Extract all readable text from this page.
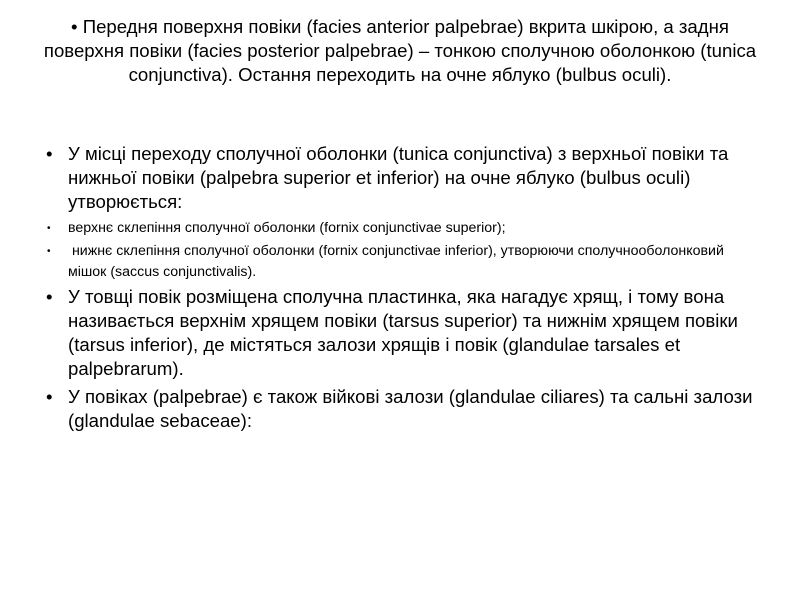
• Передня поверхня повіки (facies anterior palpebrae) вкрита шкірою, а задня поверхня повіки (facies posterior palpebrae) – тонкою сполучною оболонкою (tunica conjunctiva). Остання переходить на очне яблуко (bulbus oculi).

• У місці переходу сполучної оболонки (tunica conjunctiva) з верхньої повіки та нижньої повіки (palpebra superior et inferior) на очне яблуко (bulbus oculi) утворюється:
• верхнє склепіння сполучної оболонки (fornix conjunctivae superior);
• нижнє склепіння сполучної оболонки (fornix conjunctivae inferior), утворюючи сполучнооболонковий мішок (saccus conjunctivalis).
• У товщі повік розміщена сполучна пластинка, яка нагадує хрящ, і тому вона називається верхнім хрящем повіки (tarsus superior) та нижнім хрящем повіки (tarsus inferior), де містяться залози хрящів і повік (glandulae tarsales et palpebrarum).
• У повіках (palpebrae) є також війкові залози (glandulae ciliares) та сальні залози (glandulae sebaceae):
